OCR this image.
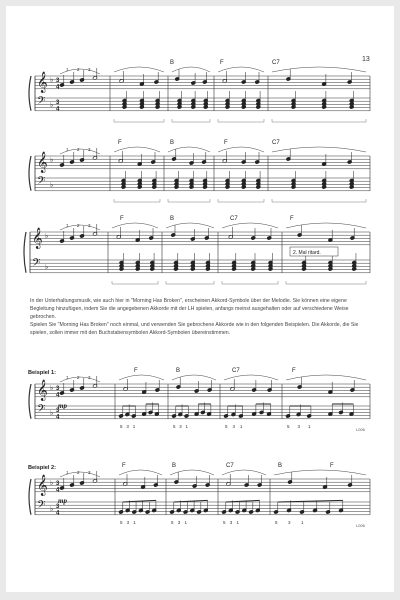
13
In der Unterhaltungsmusik, wie auch hier in "Morning Has Broken", erscheinen Akkord-Symbole über der Melodie. Sie können eine eigene Begleitung hinzufügen, indem Sie die angegebenen Akkorde mit der LH spielen, anfangs meinst ausgehalten oder auf verschiedene Weise gebrochen.
Spielen Sie "Morning Has Broken" noch einmal, und verwenden Sie gebrochene Akkorde wie in den folgenden Beispielen. Die Akkorde, die Sie spielen, sollen immer mit den Buchstabensymbolen Akkord-Symbolen übereinstimmen.
Beispiel 1:
Beispiel 2:
𝄞
𝄢
♭
♭
3
4
3
4
B	F	C7
1 2 3
𝄞
𝄢
♭
♭
F	B	F	C7
1 2 3
𝄞
𝄢
♭
♭
F	B	C7	F
1 2 3
𝄞
𝄢
♭
♭
3
4
3
4
F	B	C7	F
1 2 3
5 3 1	5 3 1	5 3 1	5 3 1
mp
L006
𝄞
𝄢
♭
♭
3
4
3
4
F	B	C7	B	F
1 2 3
5 3 1	5 3 1	5 3 1	5 3 1
mp
L006
2. Mal ritard.
